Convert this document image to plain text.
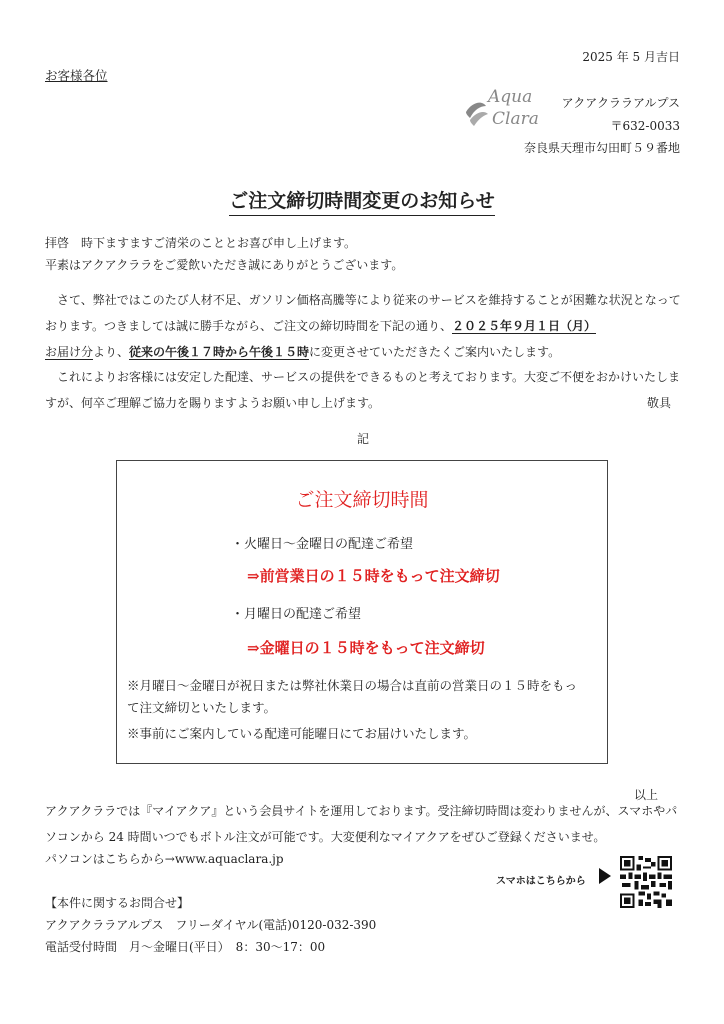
2025 年 5 月吉日
お客様各位
Aqua
Clara
アクアクララアルプス
〒632-0033
奈良県天理市勾田町５９番地
ご注文締切時間変更のお知らせ
拝啓　時下ますますご清栄のこととお喜び申し上げます。
平素はアクアクララをご愛飲いただき誠にありがとうございます。
　さて、弊社ではこのたび人材不足、ガソリン価格高騰等により従来のサービスを維持することが困難な状況となっております。つきましては誠に勝手ながら、ご注文の締切時間を下記の通り、２０２５年９月１日（月）
お届け分より、従来の午後１７時から午後１５時に変更させていただきたくご案内いたします。
　これによりお客様には安定した配達、サービスの提供をできるものと考えております。大変ご不便をおかけいたしますが、何卒ご理解ご協力を賜りますようお願い申し上げます。	敬具
記
ご注文締切時間
・火曜日～金曜日の配達ご希望
⇒前営業日の１５時をもって注文締切
・月曜日の配達ご希望
⇒金曜日の１５時をもって注文締切
※月曜日～金曜日が祝日または弊社休業日の場合は直前の営業日の１５時をもって注文締切といたします。
※事前にご案内している配達可能曜日にてお届けいたします。
以上
アクアクララでは『マイアクア』という会員サイトを運用しております。受注締切時間は変わりませんが、スマホやパソコンから 24 時間いつでもボトル注文が可能です。大変便利なマイアクアをぜひご登録くださいませ。
パソコンはこちらから→www.aquaclara.jp
スマホはこちらから
【本件に関するお問合せ】
アクアクララアルプス　フリーダイヤル(電話)0120-032-390
電話受付時間　月～金曜日(平日）　8：30～17：00
